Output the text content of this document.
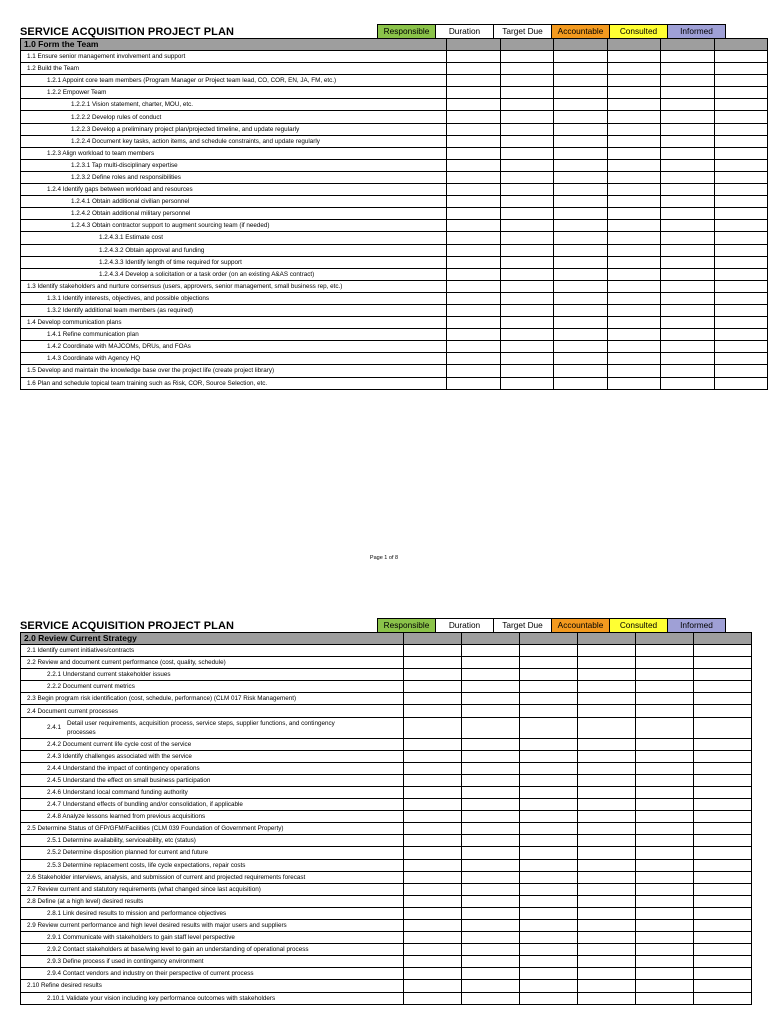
SERVICE ACQUISITION PROJECT PLAN	Responsible	Duration	Target Due	Accountable	Consulted	Informed
1.0 Form the Team						
1.1 Ensure senior management involvement and support						
1.2 Build the Team						
1.2.1 Appoint core team members (Program Manager or Project team lead, CO, COR, EN, JA, FM, etc.)						
1.2.2 Empower Team						
1.2.2.1 Vision statement, charter, MOU, etc.						
1.2.2.2 Develop rules of conduct						
1.2.2.3 Develop a preliminary project plan/projected timeline, and update regularly						
1.2.2.4 Document key tasks, action items, and schedule constraints, and update regularly						
1.2.3 Align workload to team members						
1.2.3.1 Tap multi-disciplinary expertise						
1.2.3.2 Define roles and responsibilities						
1.2.4 Identify gaps between workload and resources						
1.2.4.1 Obtain additional civilian personnel						
1.2.4.2 Obtain additional military personnel						
1.2.4.3 Obtain contractor support to augment sourcing team (if needed)						
1.2.4.3.1 Estimate cost						
1.2.4.3.2 Obtain approval and funding						
1.2.4.3.3 Identify length of time required for support						
1.2.4.3.4 Develop a solicitation or a task order (on an existing A&AS contract)						
1.3 Identify stakeholders and nurture consensus (users, approvers, senior management, small business rep, etc.)						
1.3.1 Identify interests, objectives, and possible objections						
1.3.2 Identify additional team members (as required)						
1.4 Develop communication plans						
1.4.1 Refine communication plan						
1.4.2 Coordinate with MAJCOMs, DRUs, and FOAs						
1.4.3 Coordinate with Agency HQ						
1.5 Develop and maintain the knowledge base over the project life (create project library)						
1.6 Plan and schedule topical team training such as Risk, COR, Source Selection, etc.						
Page 1 of 8
SERVICE ACQUISITION PROJECT PLAN	Responsible	Duration	Target Due	Accountable	Consulted	Informed
2.0 Review Current Strategy						
2.1 Identify current initiatives/contracts						
2.2 Review and document current performance (cost, quality, schedule)						
2.2.1 Understand current stakeholder issues						
2.2.2 Document current metrics						
2.3 Begin program risk identification (cost, schedule, performance) (CLM 017 Risk Management)						
2.4 Document current processes						
2.4.1Detail user requirements, acquisition process, service steps, supplier functions, and contingency processes						
2.4.2 Document current life cycle cost of the service						
2.4.3 Identify challenges associated with the service						
2.4.4 Understand the impact of contingency operations						
2.4.5 Understand the effect on small business participation						
2.4.6 Understand local command funding authority						
2.4.7 Understand effects of bundling and/or consolidation, if applicable						
2.4.8 Analyze lessons learned from previous acquisitions						
2.5 Determine Status of GFP/GFM/Facilities (CLM 039 Foundation of Government Property)						
2.5.1 Determine availability, serviceability, etc (status)						
2.5.2 Determine disposition planned for current and future						
2.5.3 Determine replacement costs, life cycle expectations, repair costs						
2.6 Stakeholder interviews, analysis, and submission of current and projected requirements forecast						
2.7 Review current and statutory requirements (what changed since last acquisition)						
2.8 Define (at a high level) desired results						
2.8.1 Link desired results to mission and performance objectives						
2.9 Review current performance and high level desired results with major users and suppliers						
2.9.1 Communicate with stakeholders to gain staff level perspective						
2.9.2 Contact stakeholders at base/wing level to gain an understanding of operational process						
2.9.3 Define process if used in contingency environment						
2.9.4 Contact vendors and industry on their perspective of current process						
2.10 Refine desired results						
2.10.1 Validate your vision including key performance outcomes with stakeholders						
